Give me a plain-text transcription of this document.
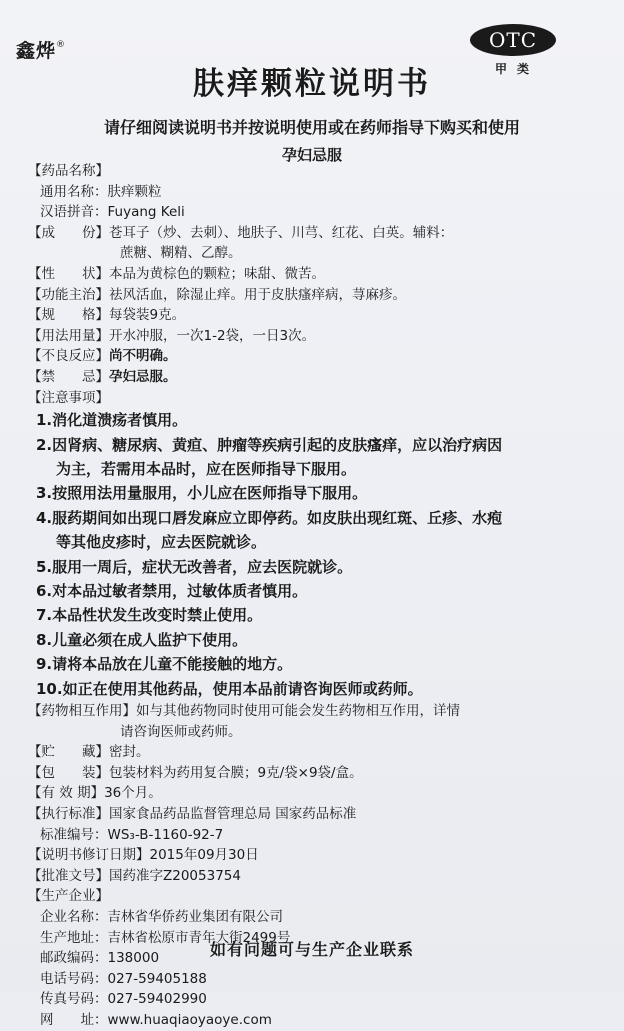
鑫烨®	OTC
甲类
肤痒颗粒说明书
请仔细阅读说明书并按说明使用或在药师指导下购买和使用
孕妇忌服
【药品名称】
通用名称：肤痒颗粒
汉语拼音：Fuyang Keli
【成　　份】苍耳子（炒、去刺）、地肤子、川芎、红花、白英。辅料：
蔗糖、糊精、乙醇。
【性　　状】本品为黄棕色的颗粒；味甜、微苦。
【功能主治】祛风活血，除湿止痒。用于皮肤瘙痒病，荨麻疹。
【规　　格】每袋装9克。
【用法用量】开水冲服，一次1-2袋，一日3次。
【不良反应】尚不明确。
【禁　　忌】孕妇忌服。
【注意事项】
1.消化道溃疡者慎用。
2.因肾病、糖尿病、黄疸、肿瘤等疾病引起的皮肤瘙痒，应以治疗病因
为主，若需用本品时，应在医师指导下服用。
3.按照用法用量服用，小儿应在医师指导下服用。
4.服药期间如出现口唇发麻应立即停药。如皮肤出现红斑、丘疹、水疱
等其他皮疹时，应去医院就诊。
5.服用一周后，症状无改善者，应去医院就诊。
6.对本品过敏者禁用，过敏体质者慎用。
7.本品性状发生改变时禁止使用。
8.儿童必须在成人监护下使用。
9.请将本品放在儿童不能接触的地方。
10.如正在使用其他药品，使用本品前请咨询医师或药师。
【药物相互作用】如与其他药物同时使用可能会发生药物相互作用，详情
请咨询医师或药师。
【贮　　藏】密封。
【包　　装】包装材料为药用复合膜；9克/袋×9袋/盒。
【有 效 期】36个月。
【执行标准】国家食品药品监督管理总局 国家药品标准
标准编号：WS₃-B-1160-92-7
【说明书修订日期】2015年09月30日
【批准文号】国药准字Z20053754
【生产企业】
企业名称：吉林省华侨药业集团有限公司
生产地址：吉林省松原市青年大街2499号
邮政编码：138000
电话号码：027-59405188
传真号码：027-59402990
网　　址：www.huaqiaoyaoye.com
如有问题可与生产企业联系
